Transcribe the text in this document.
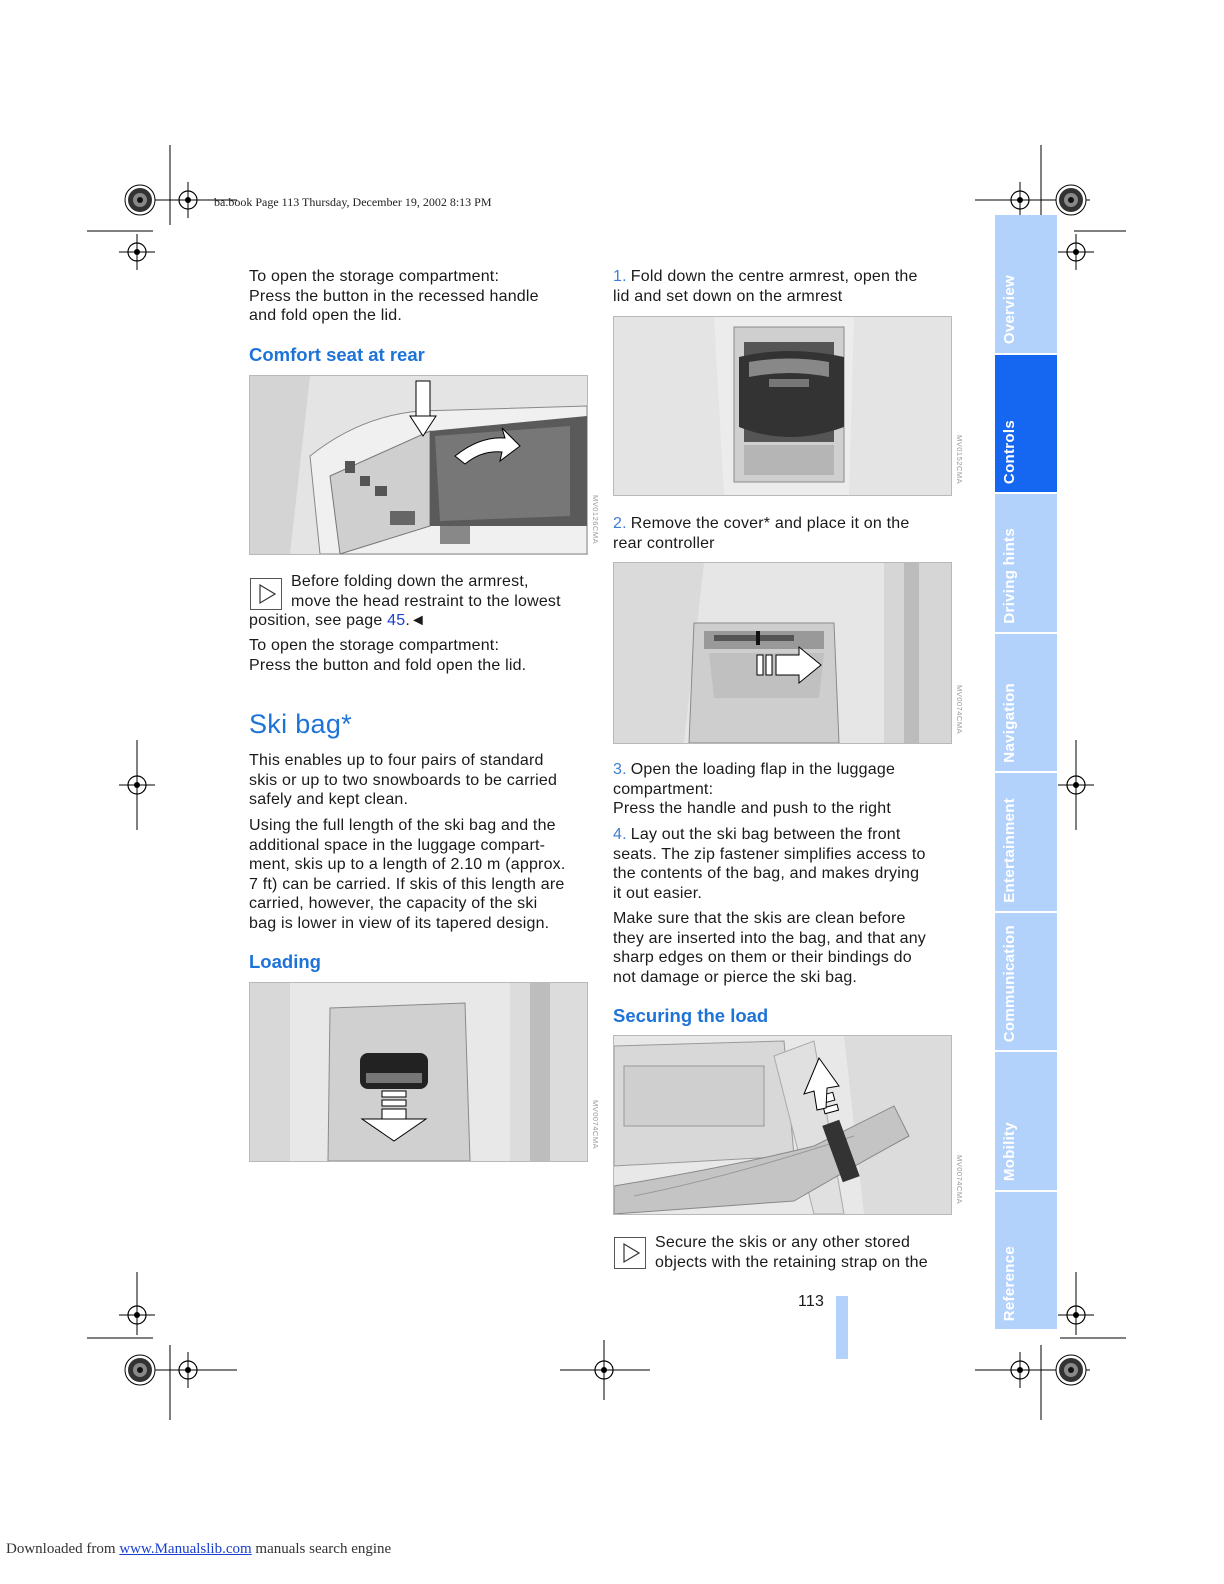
ba.book Page 113 Thursday, December 19, 2002 8:13 PM
To open the storage compartment:
Press the button in the recessed handle
and fold open the lid.
Comfort seat at rear
MV0126CMA
Before folding down the armrest,
move the head restraint to the lowest
position, see page 45.◄
To open the storage compartment:
Press the button and fold open the lid.
Ski bag*
This enables up to four pairs of standard
skis or up to two snowboards to be carried
safely and kept clean.
Using the full length of the ski bag and the
additional space in the luggage compart-
ment, skis up to a length of 2.10 m (approx.
7 ft) can be carried. If skis of this length are
carried, however, the capacity of the ski
bag is lower in view of its tapered design.
Loading
MV0074CMA
1. Fold down the centre armrest, open the
lid and set down on the armrest
MV0152CMA
2. Remove the cover* and place it on the
rear controller
MV0074CMA
3. Open the loading flap in the luggage
compartment:
Press the handle and push to the right
4. Lay out the ski bag between the front
seats. The zip fastener simplifies access to
the contents of the bag, and makes drying
it out easier.
Make sure that the skis are clean before
they are inserted into the bag, and that any
sharp edges on them or their bindings do
not damage or pierce the ski bag.
Securing the load
MV0074CMA
Secure the skis or any other stored
objects with the retaining strap on the
113
Overview
Controls
Driving hints
Navigation
Entertainment
Communication
Mobility
Reference
Downloaded from www.Manualslib.com manuals search engine
